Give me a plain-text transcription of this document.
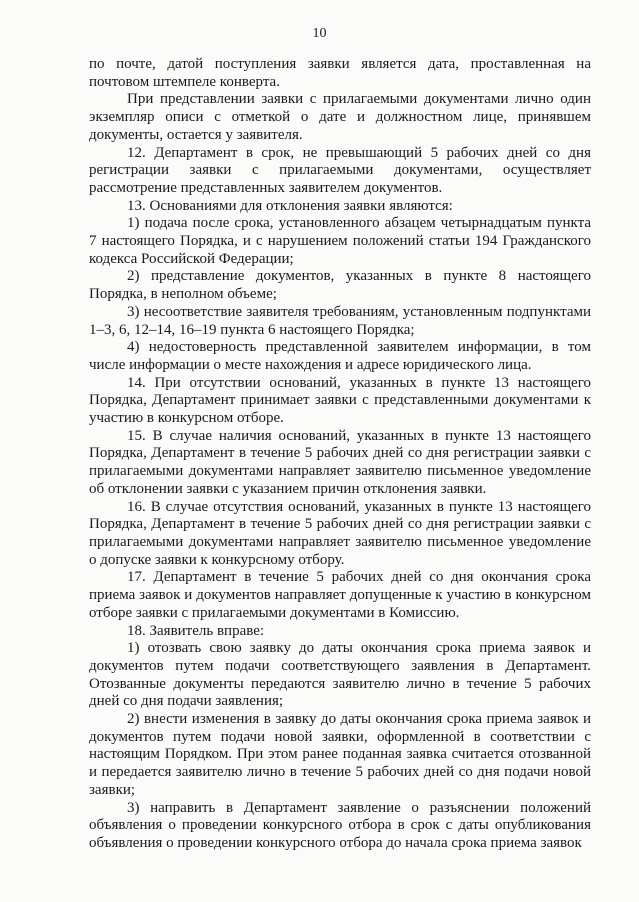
10

по почте, датой поступления заявки является дата, проставленная на почтовом штемпеле конверта.

При представлении заявки с прилагаемыми документами лично один экземпляр описи с отметкой о дате и должностном лице, принявшем документы, остается у заявителя.

12. Департамент в срок, не превышающий 5 рабочих дней со дня регистрации заявки с прилагаемыми документами, осуществляет рассмотрение представленных заявителем документов.

13. Основаниями для отклонения заявки являются:

1) подача после срока, установленного абзацем четырнадцатым пункта 7 настоящего Порядка, и с нарушением положений статьи 194 Гражданского кодекса Российской Федерации;

2) представление документов, указанных в пункте 8 настоящего Порядка, в неполном объеме;

3) несоответствие заявителя требованиям, установленным подпунктами 1–3, 6, 12–14, 16–19 пункта 6 настоящего Порядка;

4) недостоверность представленной заявителем информации, в том числе информации о месте нахождения и адресе юридического лица.

14. При отсутствии оснований, указанных в пункте 13 настоящего Порядка, Департамент принимает заявки с представленными документами к участию в конкурсном отборе.

15. В случае наличия оснований, указанных в пункте 13 настоящего Порядка, Департамент в течение 5 рабочих дней со дня регистрации заявки с прилагаемыми документами направляет заявителю письменное уведомление об отклонении заявки с указанием причин отклонения заявки.

16. В случае отсутствия оснований, указанных в пункте 13 настоящего Порядка, Департамент в течение 5 рабочих дней со дня регистрации заявки с прилагаемыми документами направляет заявителю письменное уведомление о допуске заявки к конкурсному отбору.

17. Департамент в течение 5 рабочих дней со дня окончания срока приема заявок и документов направляет допущенные к участию в конкурсном отборе заявки с прилагаемыми документами в Комиссию.

18. Заявитель вправе:

1) отозвать свою заявку до даты окончания срока приема заявок и документов путем подачи соответствующего заявления в Департамент. Отозванные документы передаются заявителю лично в течение 5 рабочих дней со дня подачи заявления;

2) внести изменения в заявку до даты окончания срока приема заявок и документов путем подачи новой заявки, оформленной в соответствии с настоящим Порядком. При этом ранее поданная заявка считается отозванной и передается заявителю лично в течение 5 рабочих дней со дня подачи новой заявки;

3) направить в Департамент заявление о разъяснении положений объявления о проведении конкурсного отбора в срок с даты опубликования объявления о проведении конкурсного отбора до начала срока приема заявок
